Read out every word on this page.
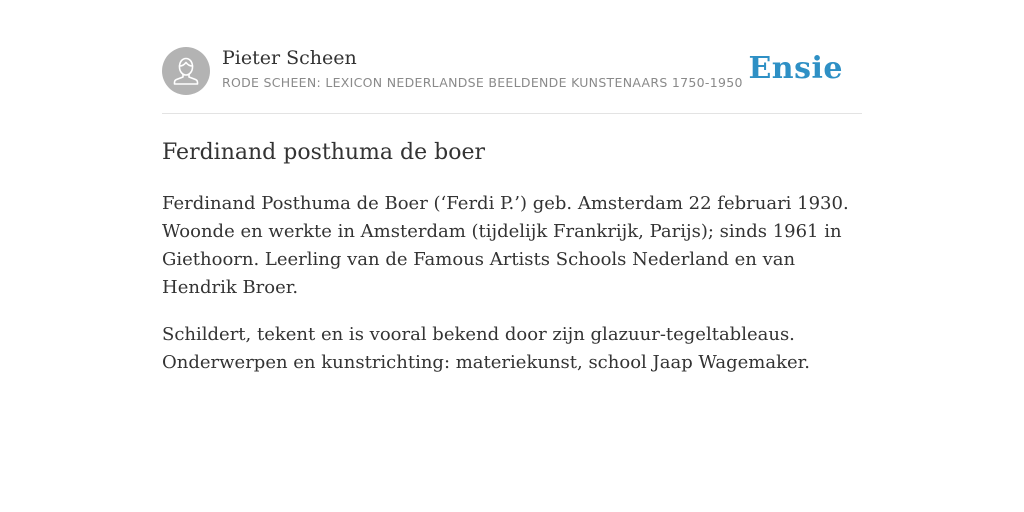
Pieter Scheen
RODE SCHEEN: LEXICON NEDERLANDSE BEELDENDE KUNSTENAARS 1750-1950 Ensie
Ferdinand posthuma de boer

Ferdinand Posthuma de Boer (‘Ferdi P.’) geb. Amsterdam 22 februari 1930. Woonde en werkte in Amsterdam (tijdelijk Frankrijk, Parijs); sinds 1961 in Giethoorn. Leerling van de Famous Artists Schools Nederland en van Hendrik Broer.

Schildert, tekent en is vooral bekend door zijn glazuur-tegeltableaus. Onderwerpen en kunstrichting: materiekunst, school Jaap Wagemaker.
